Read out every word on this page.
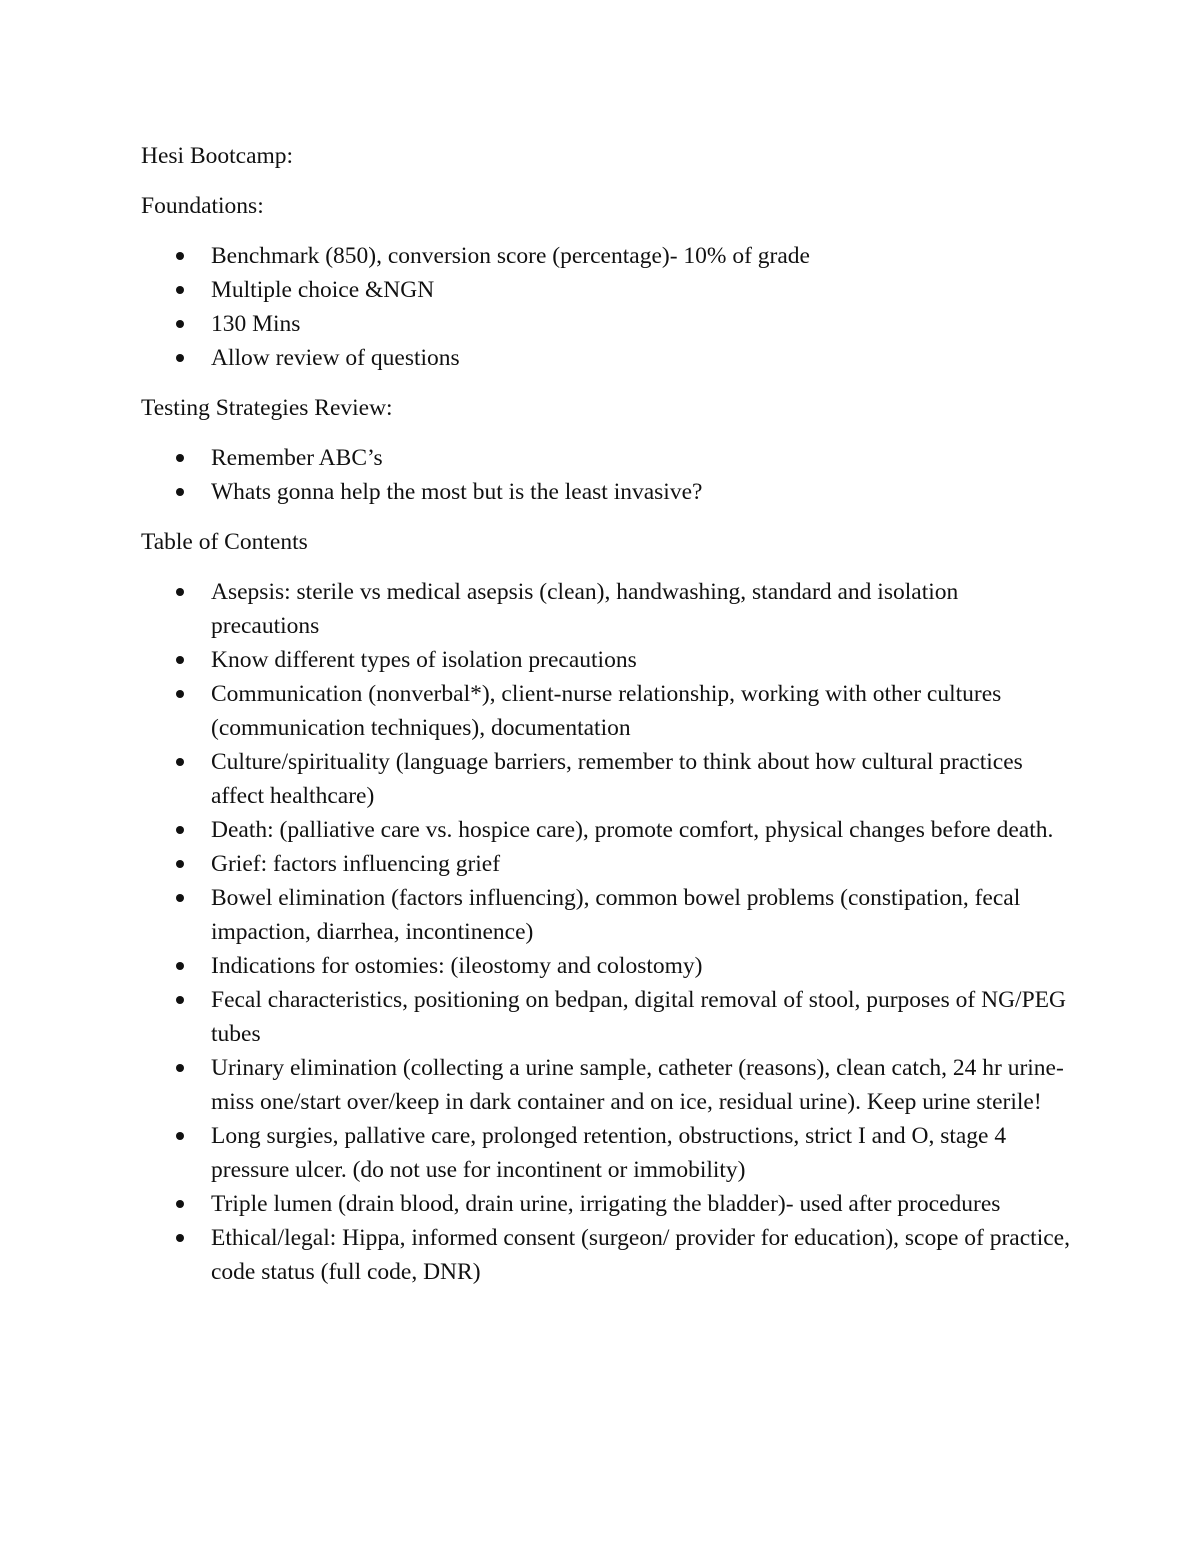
Hesi Bootcamp:

Foundations:

Benchmark (850), conversion score (percentage)- 10% of grade
Multiple choice &NGN
130 Mins
Allow review of questions

Testing Strategies Review:

Remember ABC’s
Whats gonna help the most but is the least invasive?

Table of Contents

Asepsis: sterile vs medical asepsis (clean), handwashing, standard and isolation precautions
Know different types of isolation precautions
Communication (nonverbal*), client-nurse relationship, working with other cultures (communication techniques), documentation
Culture/spirituality (language barriers, remember to think about how cultural practices affect healthcare)
Death: (palliative care vs. hospice care), promote comfort, physical changes before death.
Grief: factors influencing grief
Bowel elimination (factors influencing), common bowel problems (constipation, fecal impaction, diarrhea, incontinence)
Indications for ostomies: (ileostomy and colostomy)
Fecal characteristics, positioning on bedpan, digital removal of stool, purposes of NG/PEG tubes
Urinary elimination (collecting a urine sample, catheter (reasons), clean catch, 24 hr urine- miss one/start over/keep in dark container and on ice, residual urine). Keep urine sterile!
Long surgies, pallative care, prolonged retention, obstructions, strict I and O, stage 4 pressure ulcer. (do not use for incontinent or immobility)
Triple lumen (drain blood, drain urine, irrigating the bladder)- used after procedures
Ethical/legal: Hippa, informed consent (surgeon/ provider for education), scope of practice, code status (full code, DNR)
